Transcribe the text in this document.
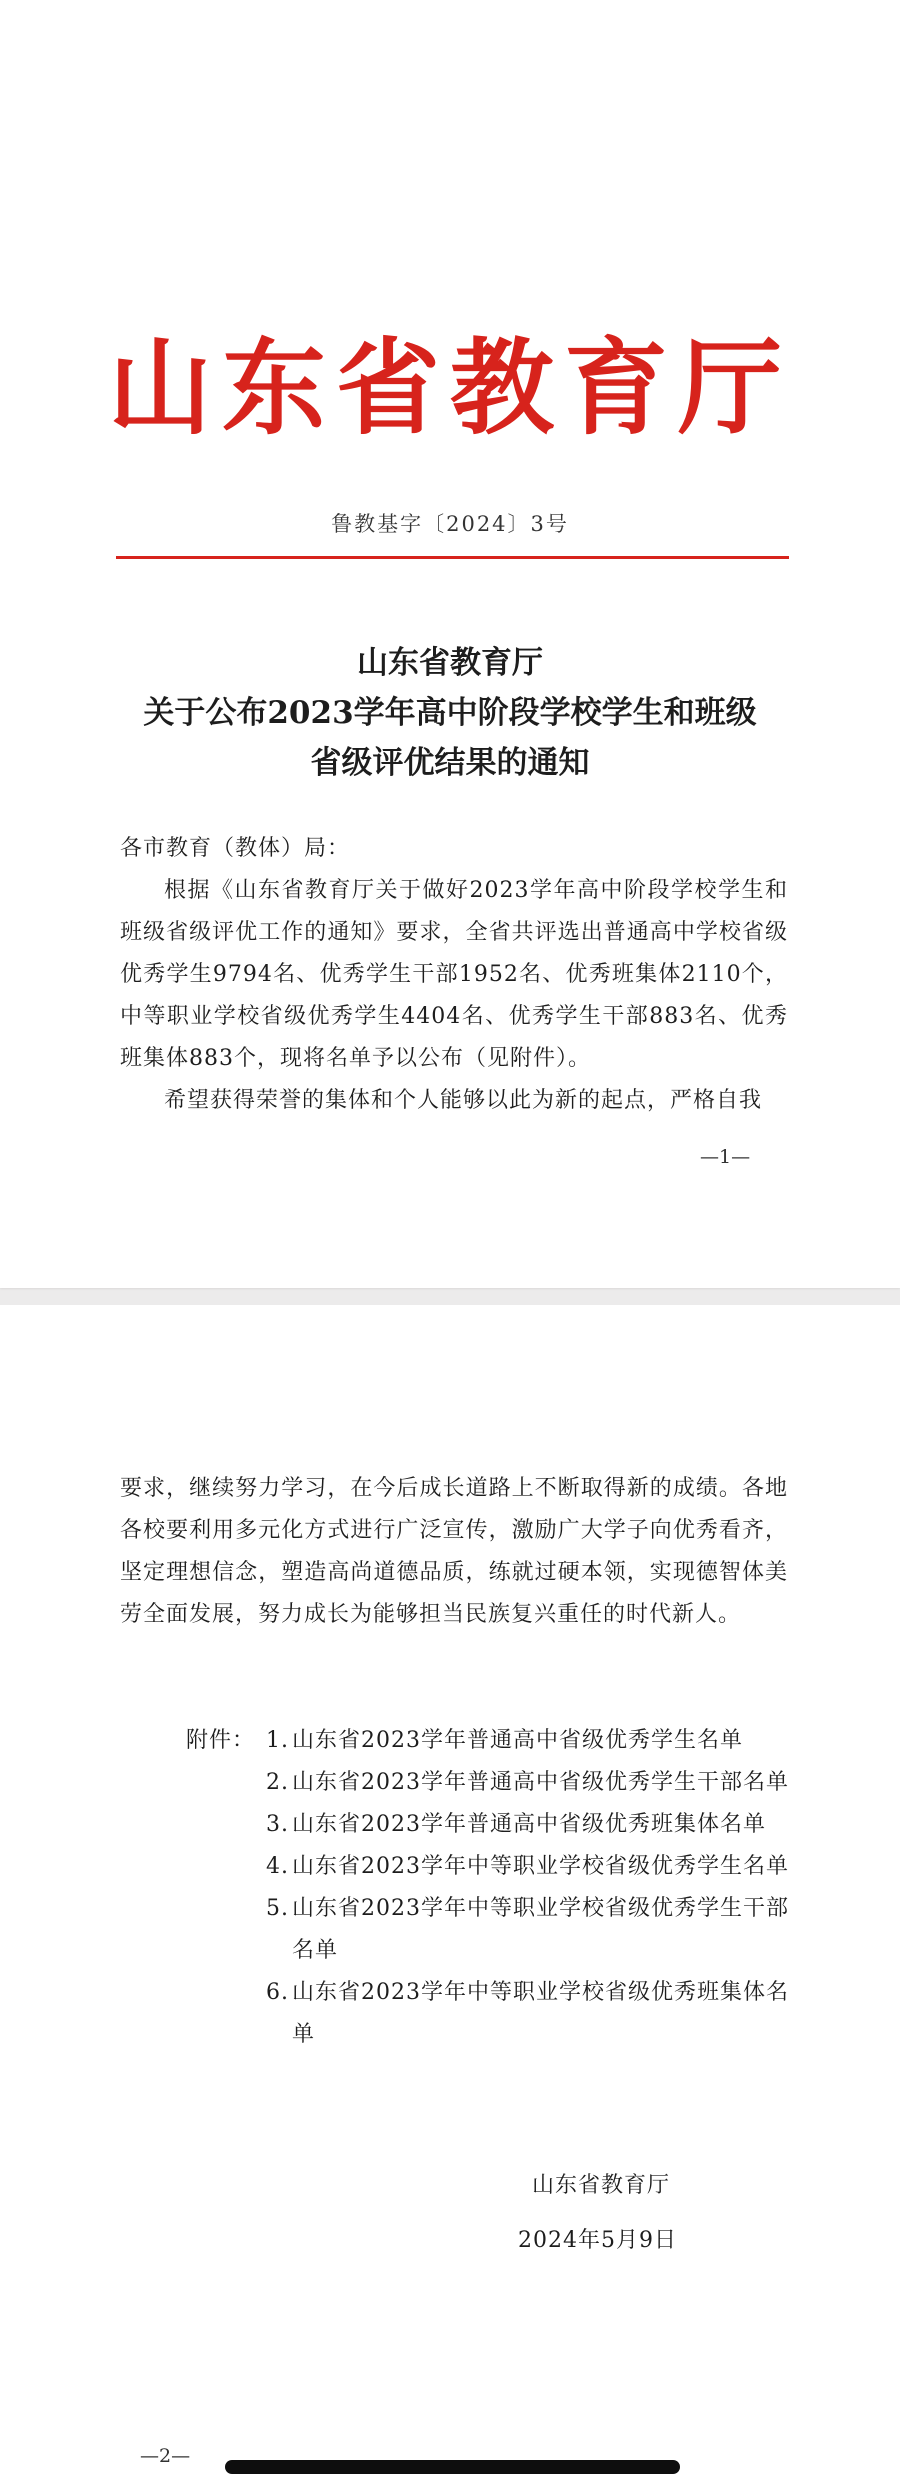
山东省教育厅
鲁教基字〔2024〕3号
山东省教育厅
关于公布2023学年高中阶段学校学生和班级
省级评优结果的通知
各市教育（教体）局：
根据《山东省教育厅关于做好2023学年高中阶段学校学生和班级省级评优工作的通知》要求，全省共评选出普通高中学校省级优秀学生9794名、优秀学生干部1952名、优秀班集体2110个，中等职业学校省级优秀学生4404名、优秀学生干部883名、优秀班集体883个，现将名单予以公布（见附件）。
希望获得荣誉的集体和个人能够以此为新的起点，严格自我
—1—
要求，继续努力学习，在今后成长道路上不断取得新的成绩。各地各校要利用多元化方式进行广泛宣传，激励广大学子向优秀看齐，坚定理想信念，塑造高尚道德品质，练就过硬本领，实现德智体美劳全面发展，努力成长为能够担当民族复兴重任的时代新人。
附件： 1. 山东省2023学年普通高中省级优秀学生名单
2. 山东省2023学年普通高中省级优秀学生干部名单
3. 山东省2023学年普通高中省级优秀班集体名单
4. 山东省2023学年中等职业学校省级优秀学生名单
5. 山东省2023学年中等职业学校省级优秀学生干部名单
6. 山东省2023学年中等职业学校省级优秀班集体名单
山东省教育厅
2024年5月9日
—2—
